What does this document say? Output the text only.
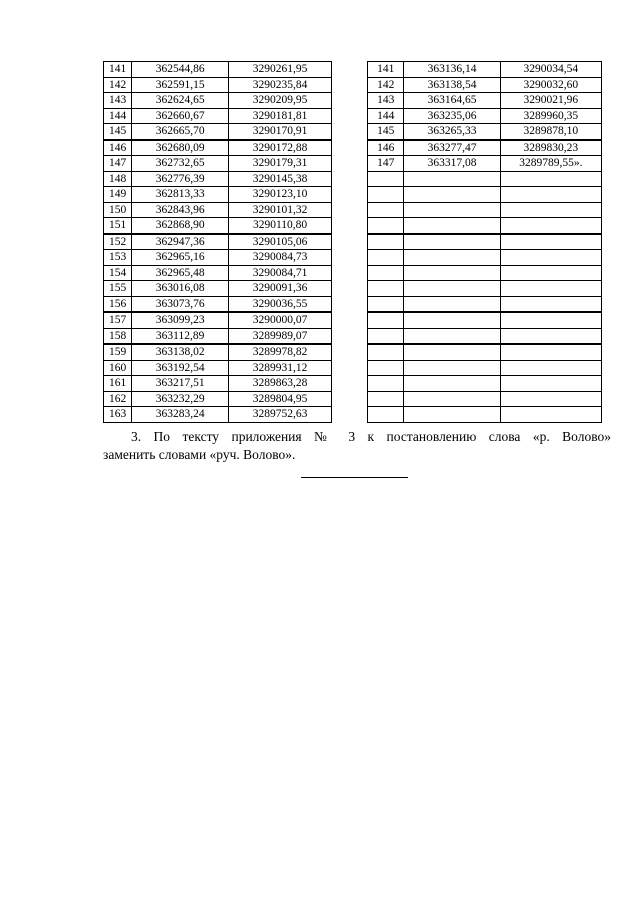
141	362544,86	3290261,95
142	362591,15	3290235,84
143	362624,65	3290209,95
144	362660,67	3290181,81
145	362665,70	3290170,91
146	362680,09	3290172,88
147	362732,65	3290179,31
148	362776,39	3290145,38
149	362813,33	3290123,10
150	362843,96	3290101,32
151	362868,90	3290110,80
152	362947,36	3290105,06
153	362965,16	3290084,73
154	362965,48	3290084,71
155	363016,08	3290091,36
156	363073,76	3290036,55
157	363099,23	3290000,07
158	363112,89	3289989,07
159	363138,02	3289978,82
160	363192,54	3289931,12
161	363217,51	3289863,28
162	363232,29	3289804,95
163	363283,24	3289752,63
141	363136,14	3290034,54
142	363138,54	3290032,60
143	363164,65	3290021,96
144	363235,06	3289960,35
145	363265,33	3289878,10
146	363277,47	3289830,23
147	363317,08	3289789,55».

3. По тексту приложения № 3 к постановлению слова «р. Волово»
заменить словами «руч. Волово».
